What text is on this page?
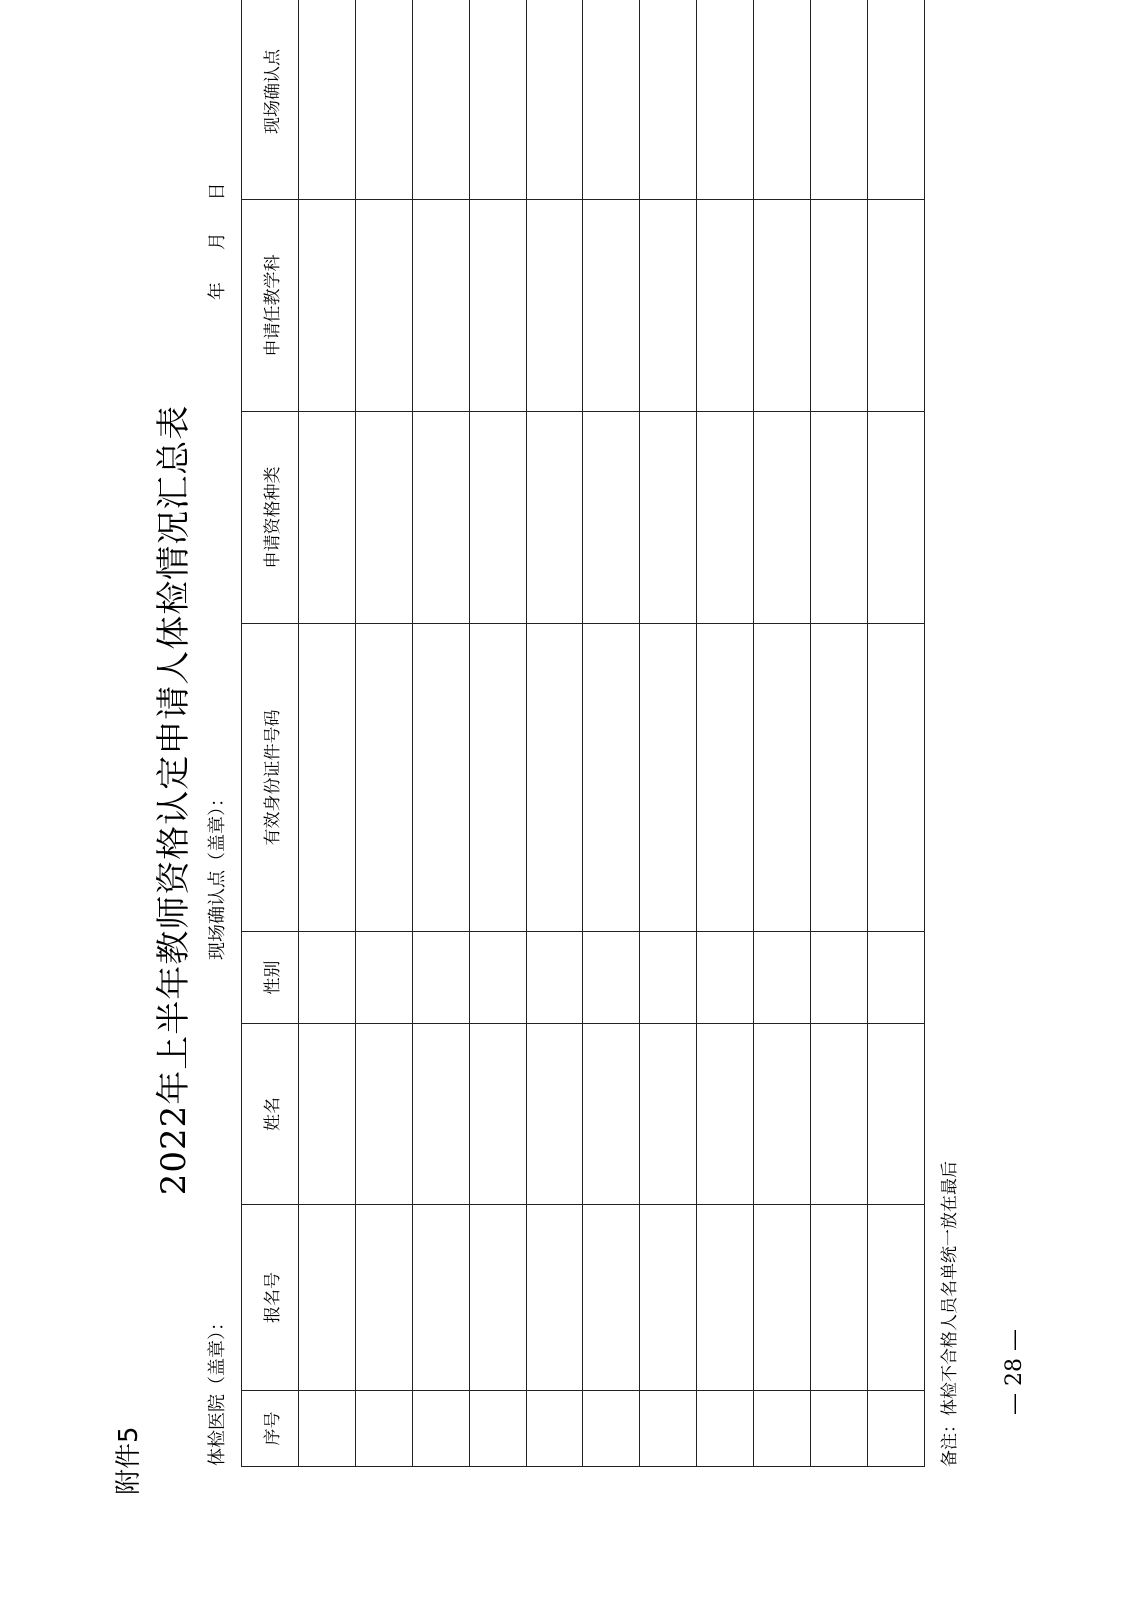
附件5
2022年上半年教师资格认定申请人体检情况汇总表
体检医院（盖章）：
现场确认点（盖章）：
年 月 日
序号	报名号	姓名	性别	有效身份证件号码	申请资格种类	申请任教学科	现场确认点		

备注：体检不合格人员名单统一放在最后 — 28 —
